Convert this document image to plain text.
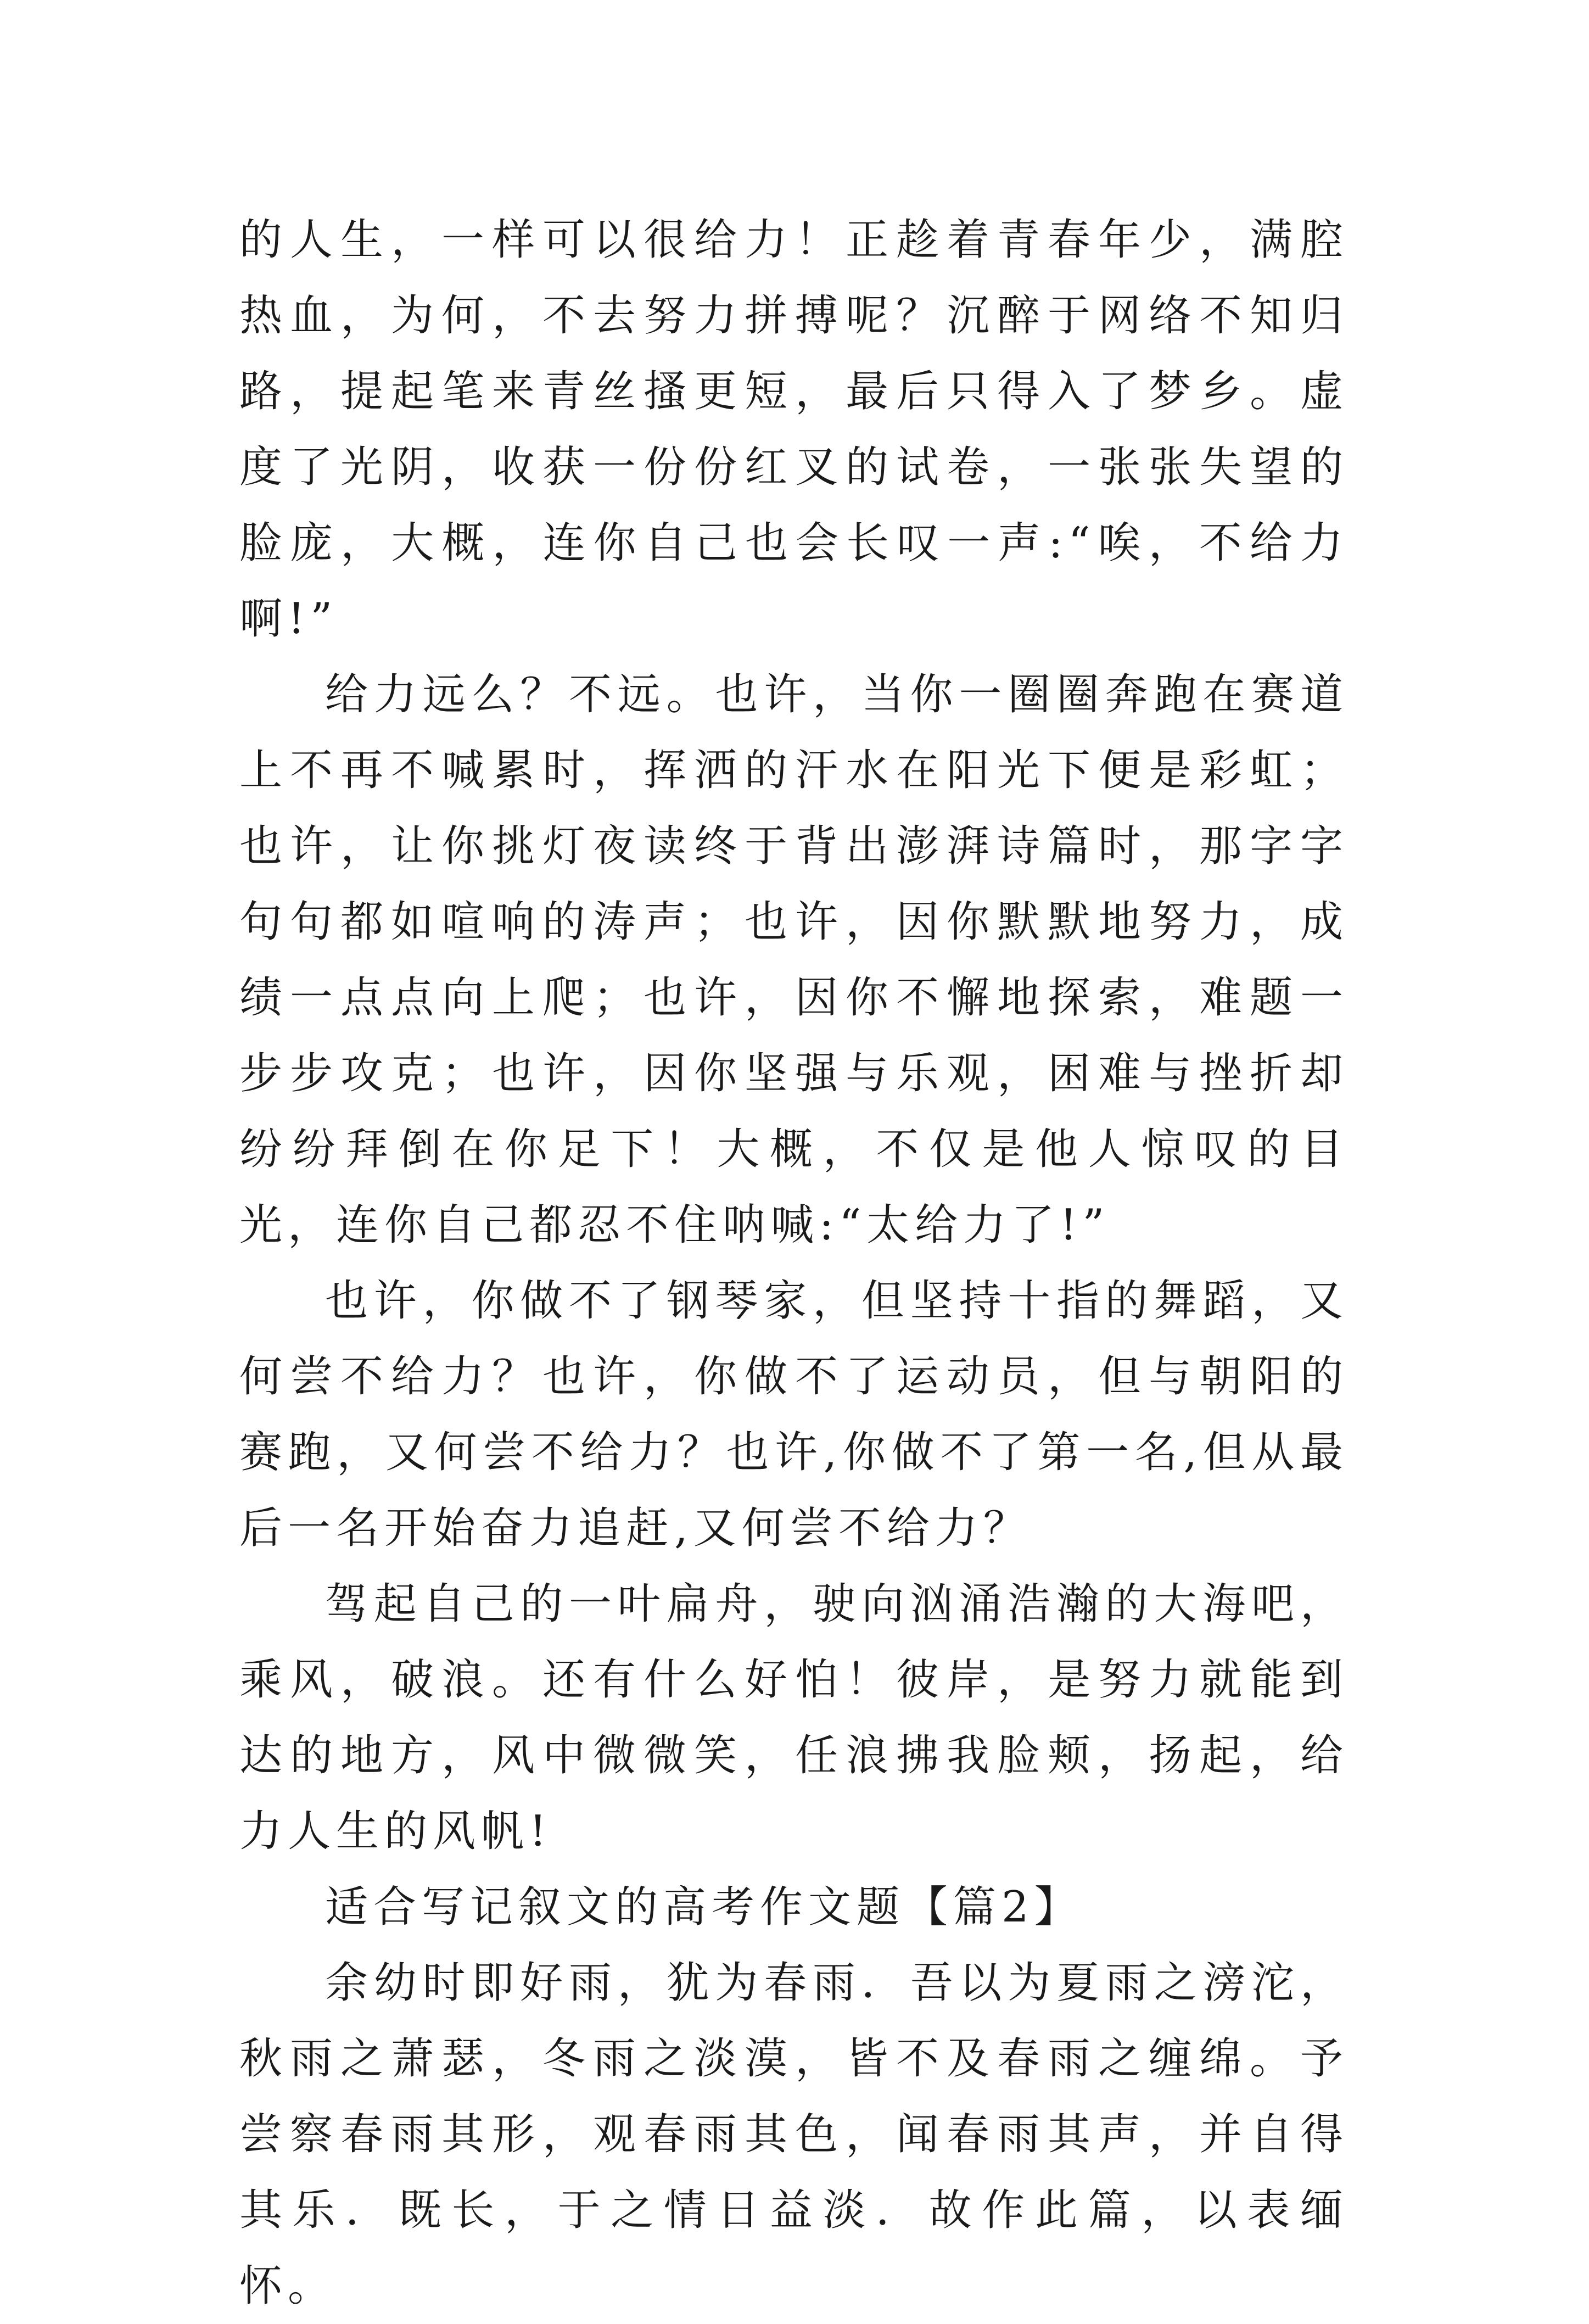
的人生，一样可以很给力！正趁着青春年少，满腔热血，为何，不去努力拼搏呢？沉醉于网络不知归路，提起笔来青丝搔更短，最后只得入了梦乡。虚度了光阴，收获一份份红叉的试卷，一张张失望的脸庞，大概，连你自己也会长叹一声:“唉，不给力啊!”

给力远么？不远。也许，当你一圈圈奔跑在赛道上不再不喊累时，挥洒的汗水在阳光下便是彩虹；也许，让你挑灯夜读终于背出澎湃诗篇时，那字字句句都如喧响的涛声；也许，因你默默地努力，成绩一点点向上爬；也许，因你不懈地探索，难题一步步攻克；也许，因你坚强与乐观，困难与挫折却纷纷拜倒在你足下！大概，不仅是他人惊叹的目光，连你自己都忍不住呐喊:“太给力了!”

也许，你做不了钢琴家，但坚持十指的舞蹈，又何尝不给力？也许，你做不了运动员，但与朝阳的赛跑，又何尝不给力？也许,你做不了第一名,但从最后一名开始奋力追赶,又何尝不给力？

驾起自己的一叶扁舟，驶向汹涌浩瀚的大海吧，乘风，破浪。还有什么好怕！彼岸，是努力就能到达的地方，风中微微笑，任浪拂我脸颊，扬起，给力人生的风帆!

适合写记叙文的高考作文题【篇2】

余幼时即好雨，犹为春雨．吾以为夏雨之滂沱，秋雨之萧瑟，冬雨之淡漠，皆不及春雨之缠绵。予尝察春雨其形，观春雨其色，闻春雨其声，并自得其乐．既长，于之情日益淡．故作此篇，以表缅怀。
